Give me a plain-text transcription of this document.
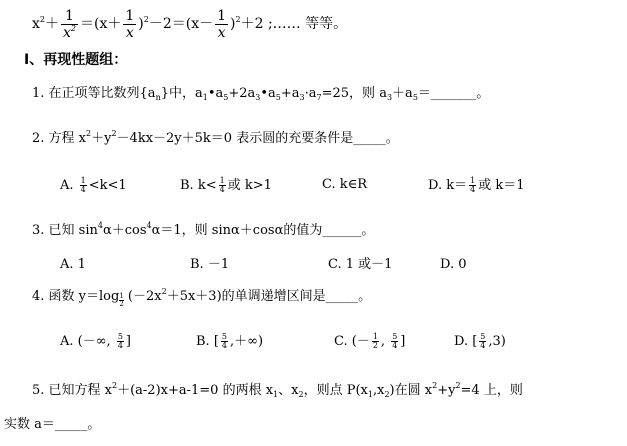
$x^2+ \frac{1}{x^2} =(x+ \frac{1}{x} )^2-2=(x- \frac{1}{x} )^2+2$ ;…… 等等。
Ⅰ、再现性题组：
1. 在正项等比数列$\{a_n\}$中，$a_1•a_5+2a_3•a_5+a_3\cdot a_7=25$，则 $a_3+a_5=\_\_\_\_\_\_\_$。
2. 方程 $x^2+y^2-4kx-2y+5k=0$ 表示圆的充要条件是_____。
A. $\frac{1}{4} <k<1$	B. $k< \frac{1}{4}$ 或 k>1	C. k∈R	D. $k= \frac{1}{4}$ 或 k＝1
3. 已知 $\sin^4\alpha+\cos^4\alpha=1$，则 sinα＋cosα的值为______。
A. 1	B. －1	C. 1 或－1	D. 0
4. 函数 $y=\log \frac{1}{2} (-2x^2+5x+3)$的单调递增区间是_____。
A. (－∞, $\frac{5}{4}$ ]	B. [ $\frac{5}{4}$ ,＋∞)	C. (－ $\frac{1}{2}$ , $\frac{5}{4}$ ]	D. [ $\frac{5}{4} ,3$)
5. 已知方程 $x^2+(a-2)x+a-1=0$ 的两根 $x_1$、$x_2$，则点 $P(x_1,x_2)$在圆 $x^2+y^2=4$ 上，则
实数 a＝_____。
